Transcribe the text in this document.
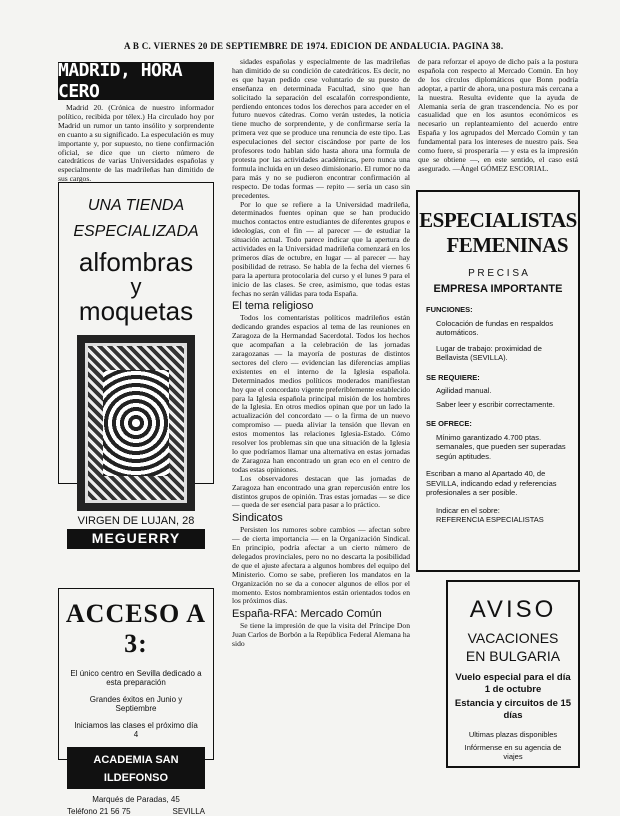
A B C. VIERNES 20 DE SEPTIEMBRE DE 1974. EDICION DE ANDALUCIA. PAGINA 38.
MADRID, HORA CERO

Madrid 20. (Crónica de nuestro informador político, recibida por télex.) Ha circulado hoy por Madrid un rumor un tanto insólito y sorprendente en cuanto a su significado. La especulación es muy importante y, por supuesto, no tiene confirmación oficial, se dice que un cierto número de catedráticos de varias Universidades españolas y especialmente de las madrileñas han dimitido de sus cargos.

UNA TIENDA
ESPECIALIZADA
alfombras
y
moquetas
VIRGEN DE LUJAN, 28
MEGUERRY
ACCESO A 3:
El único centro en Sevilla dedicado a esta preparación
Grandes éxitos en Junio y Septiembre
Iniciamos las clases el próximo día 4
ACADEMIA SAN ILDEFONSO
Marqués de Paradas, 45
Teléfono 21 56 75	SEVILLA

sidades españolas y especialmente de las madrileñas han dimitido de su condición de catedráticos. Es decir, no es que hayan pedido cese voluntario de su puesto de enseñanza en determinada Facultad, sino que han solicitado la separación del escalafón correspondiente, perdiendo entonces todos los derechos para acceder en el futuro nuevos cátedras. Como verán ustedes, la noticia tiene mucho de sorprendente, y de confirmarse sería la primera vez que se produce una renuncia de este tipo. Las especulaciones del sector ciscándose por parte de los profesores todo hablan sido hasta ahora una formula de protesta por las actividades académicas, pero nunca una formula incluida en un deseo dimisionario. El rumor no da para más y no se pudieron encontrar confirmación al respecto. De todas formas — repito — sería un caso sin precedentes.

Por lo que se refiere a la Universidad madrileña, determinados fuentes opinan que se han producido muchos contactos entre estudiantes de diferentes grupos e ideologías, con el fin — al parecer — de estudiar la situación actual. Todo parece indicar que la apertura de actividades en la Universidad madrileña comenzará en los primeros días de octubre, en lugar — al parecer — hay posibilidad de retraso. Se habla de la fecha del viernes 6 para la apertura protocolaria del curso y el lunes 9 para el inicio de las clases. Se cree, asimismo, que todas estas fechas no serán válidas para toda España.

El tema religioso

Todos los comentaristas políticos madrileños están dedicando grandes espacios al tema de las reuniones en Zaragoza de la Hermandad Sacerdotal. Todos los hechos que acompañan a la celebración de las jornadas zaragozanas — la mayoría de posturas de distintos sectores del clero — evidencian las diferencias amplias existentes en el interno de la Iglesia española. Determinados medios políticos moderados manifiestan hoy que el concordato vigente preferiblemente establecido para la Iglesia española principal misión de los hombres de la Iglesia. En otros medios opinan que por un lado la actualización del concordato — o la firma de un nuevo compromiso — pueda aliviar la tensión que llevan en estos momentos las relaciones Iglesia-Estado. Cómo resolver los problemas sin que una situación de la Iglesia lo que podríamos llamar una alternativa en estas jornadas de Zaragoza han encontrado un gran eco en el centro de todas estas opiniones.

Los observadores destacan que las jornadas de Zaragoza han encontrado una gran repercusión entre los distintos grupos de opinión. Tras estas jornadas — se dice — queda de ser esencial para pasar a lo práctico.

Sindicatos

Persisten los rumores sobre cambios — afectan sobre — de cierta importancia — en la Organización Sindical. En principio, podría afectar a un cierto número de delegados provinciales, pero no no descarta la posibilidad de que el ajuste afectara a algunos hombres del equipo del Ministerio. Como se sabe, prefieren los mandatos en la Organización no se da a conocer algunos de ellos por el momento. Estos nombramientos están orientados todos en los próximos días.

España-RFA: Mercado Común

Se tiene la impresión de que la visita del Príncipe Don Juan Carlos de Borbón a la República Federal Alemana ha sido

de para reforzar el apoyo de dicho país a la postura española con respecto al Mercado Común. En hoy de los círculos diplomáticos que Bonn podría adoptar, a partir de ahora, una postura más cercana a la nuestra. Resulta evidente que la ayuda de Alemania sería de gran trascendencia. No es por casualidad que en los asuntos económicos es necesario un replanteamiento del acuerdo entre España y los agrupados del Mercado Común y tan fundamental para los intereses de nuestro país. Sea como fuere, si prosperaría — y esta es la impresión que se obtiene —, en este sentido, el caso está asegurado. —Ángel GÓMEZ ESCORIAL.

ESPECIALISTAS
FEMENINAS
P R E C I S A
EMPRESA IMPORTANTE
FUNCIONES:
Colocación de fundas en respaldos automáticos.
Lugar de trabajo: proximidad de Bellavista (SEVILLA).
SE REQUIERE:
Agilidad manual.
Saber leer y escribir correctamente.
SE OFRECE:
Mínimo garantizado 4.700 ptas. semanales, que pueden ser superadas según aptitudes.
Escriban a mano al Apartado 40, de SEVILLA, indicando edad y referencias profesionales a ser posible.
Indicar en el sobre:
REFERENCIA ESPECIALISTAS
AVISO
VACACIONES
EN BULGARIA
Vuelo especial para el día 1 de octubre
Estancia y circuitos de 15 días
Ultimas plazas disponibles
Infórmense en su agencia de viajes
